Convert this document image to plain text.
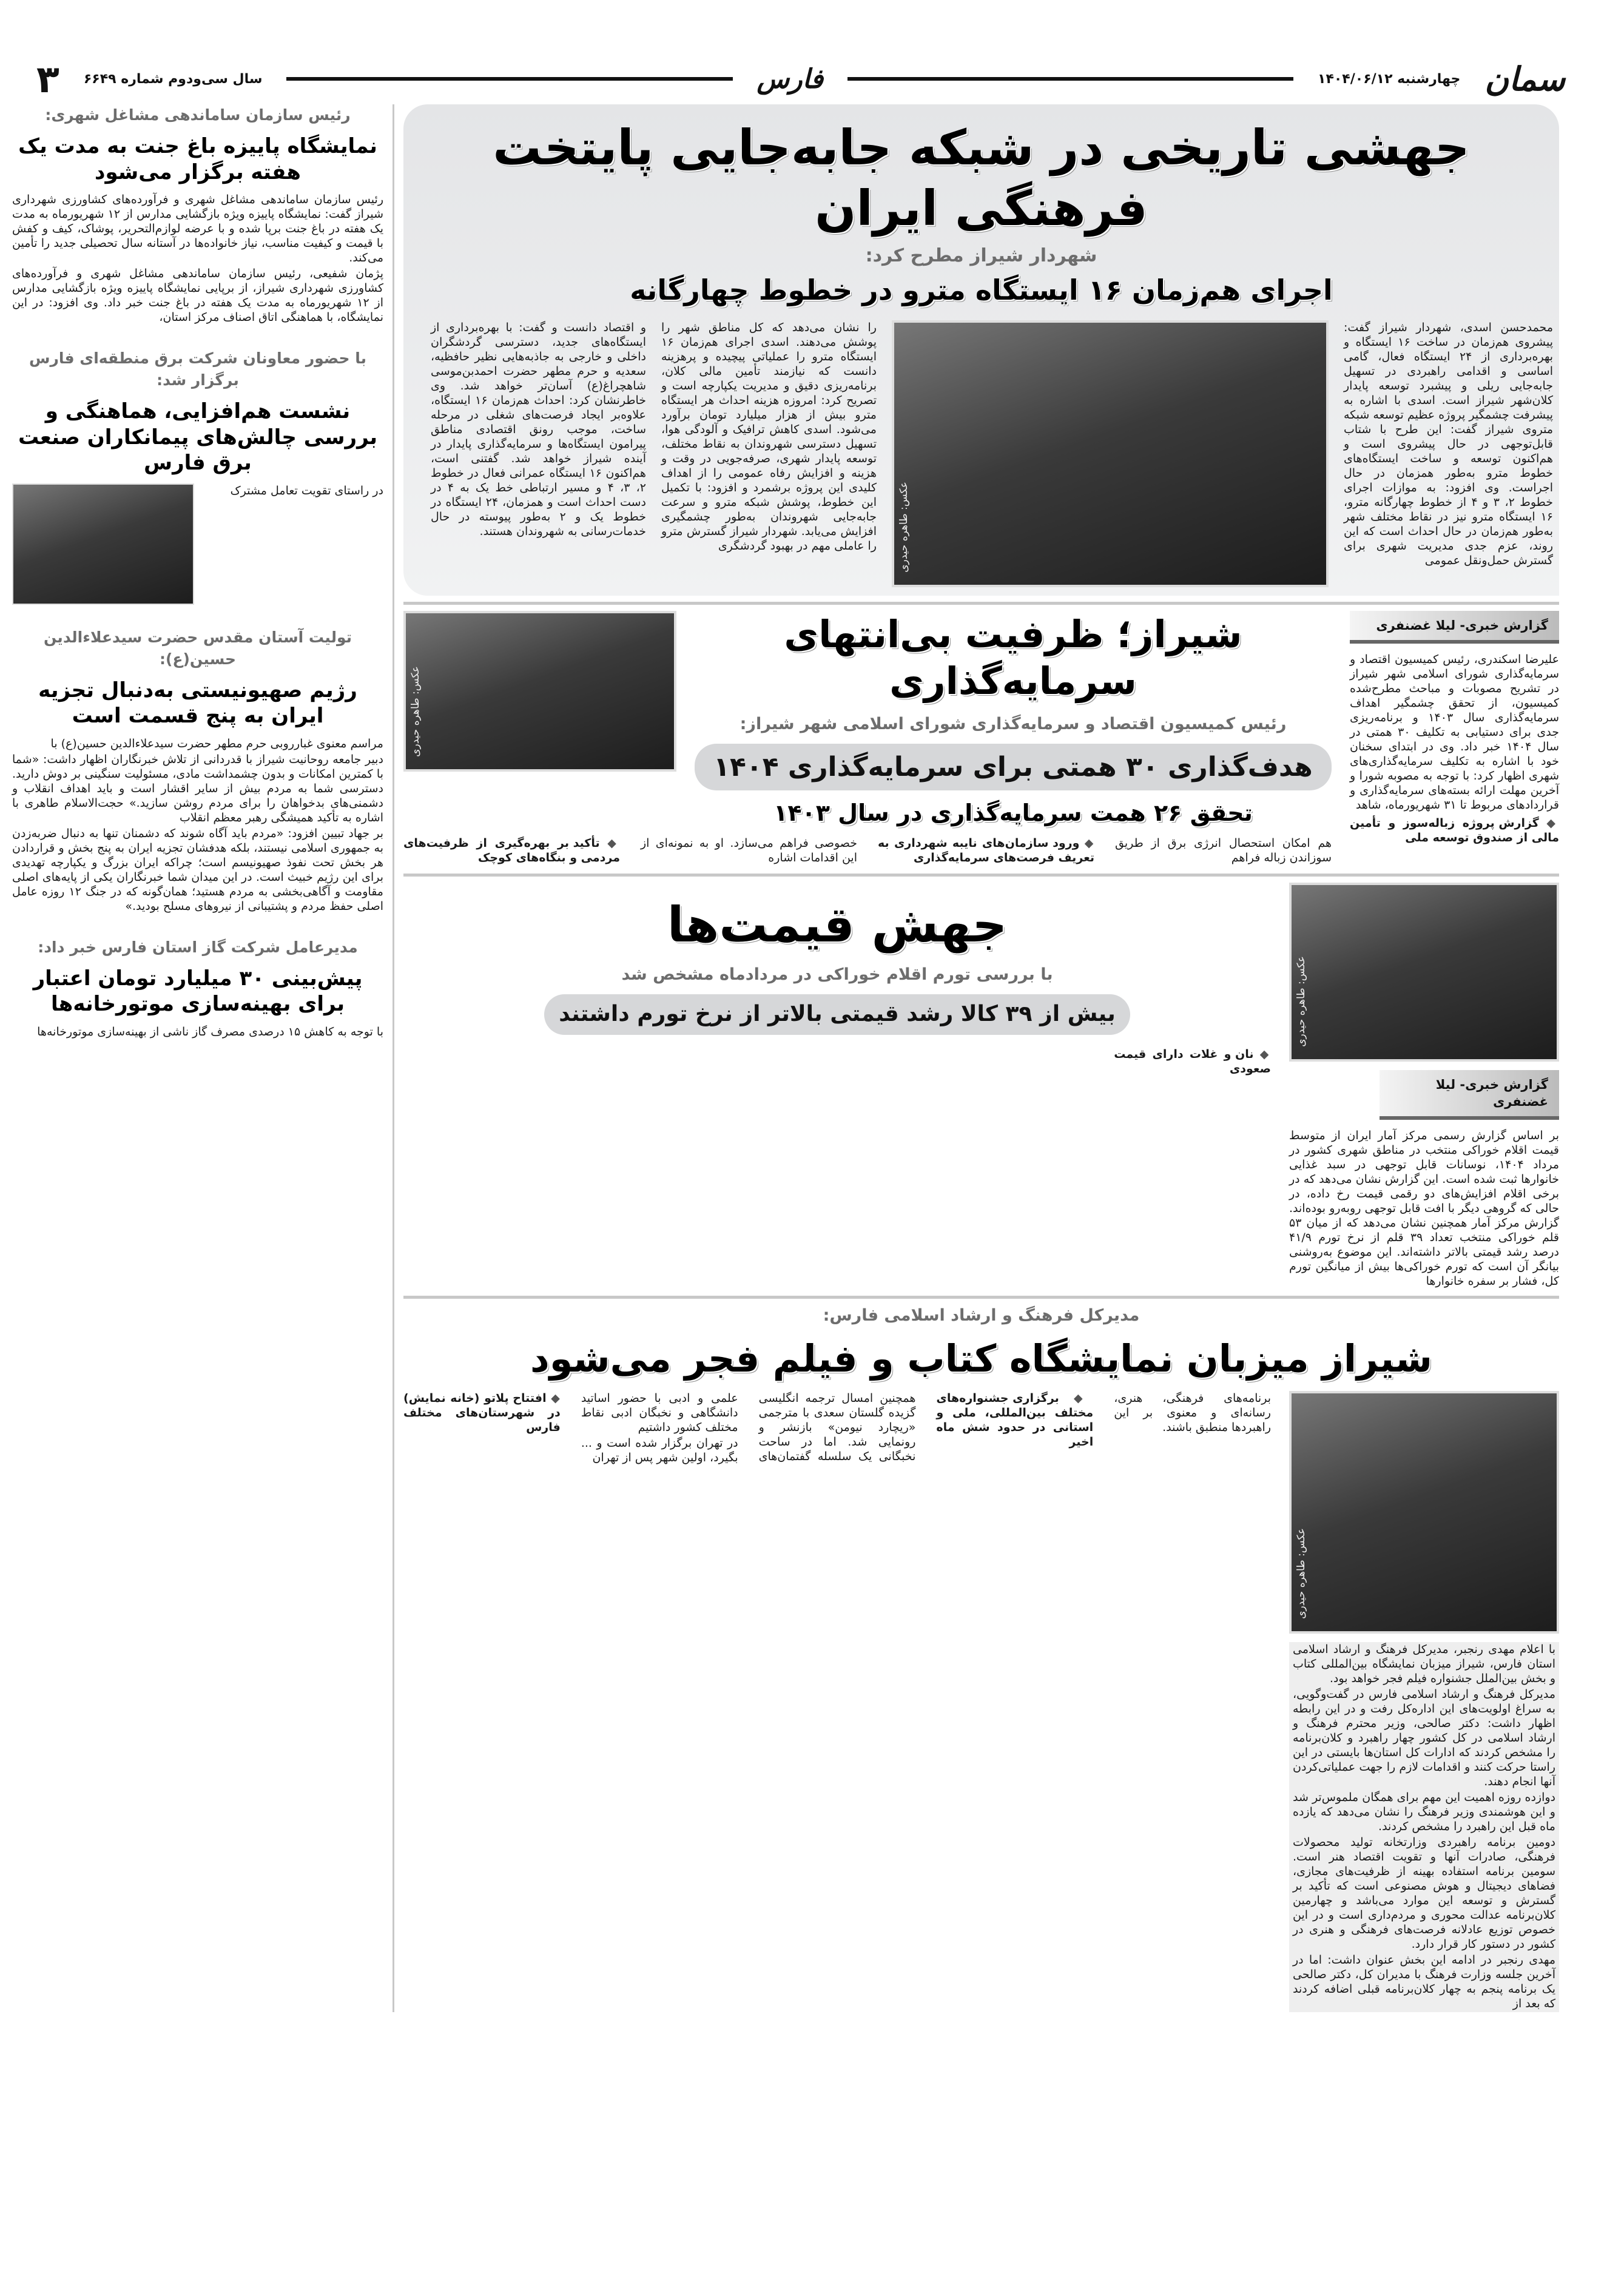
سمان
چهارشنبه ۱۴۰۴/۰۶/۱۲
فارس
سال سی‌ودوم شماره ۶۶۴۹
۳
جهشی تاریخی در شبکه جابه‌جایی پایتخت فرهنگی ایران
شهردار شیراز مطرح کرد:
اجرای هم‌زمان ۱۶ ایستگاه مترو در خطوط چهارگانه

محمدحسن اسدی، شهردار شیراز گفت: پیشروی هم‌زمان در ساخت ۱۶ ایستگاه و بهره‌برداری از ۲۴ ایستگاه فعال، گامی اساسی و اقدامی راهبردی در تسهیل جابه‌جایی ریلی و پیشبرد توسعه پایدار کلان‌شهر شیراز است. اسدی با اشاره به پیشرفت چشمگیر پروژه عظیم توسعه شبکه متروی شیراز گفت: این طرح با شتاب قابل‌توجهی در حال پیشروی است و هم‌اکنون توسعه و ساخت ایستگاه‌های خطوط مترو به‌طور همزمان در حال اجراست. وی افزود: به موازات اجرای خطوط ۲، ۳ و ۴ از خطوط چهارگانه مترو، ۱۶ ایستگاه مترو نیز در نقاط مختلف شهر به‌طور هم‌زمان در حال احداث است که این روند، عزم جدی مدیریت شهری برای گسترش حمل‌ونقل عمومی

عکس: طاهره حیدری

را نشان می‌دهد که کل مناطق شهر را پوشش می‌دهند. اسدی اجرای هم‌زمان ۱۶ ایستگاه مترو را عملیاتی پیچیده و پرهزینه دانست که نیازمند تأمین مالی کلان، برنامه‌ریزی دقیق و مدیریت یکپارچه است و تصریح کرد: امروزه هزینه احداث هر ایستگاه مترو بیش از هزار میلیارد تومان برآورد می‌شود. اسدی کاهش ترافیک و آلودگی هوا، تسهیل دسترسی شهروندان به نقاط مختلف، توسعه پایدار شهری، صرفه‌جویی در وقت و هزینه و افزایش رفاه عمومی را از اهداف کلیدی این پروژه برشمرد و افزود: با تکمیل این خطوط، پوشش شبکه مترو و سرعت جابه‌جایی شهروندان به‌طور چشمگیری افزایش می‌یابد. شهردار شیراز گسترش مترو را عاملی مهم در بهبود گردشگری

و اقتصاد دانست و گفت: با بهره‌برداری از ایستگاه‌های جدید، دسترسی گردشگران داخلی و خارجی به جاذبه‌هایی نظیر حافظیه، سعدیه و حرم مطهر حضرت احمدبن‌موسی شاهچراغ(ع) آسان‌تر خواهد شد. وی خاطرنشان کرد: احداث هم‌زمان ۱۶ ایستگاه، علاوه‌بر ایجاد فرصت‌های شغلی در مرحله ساخت، موجب رونق اقتصادی مناطق پیرامون ایستگاه‌ها و سرمایه‌گذاری پایدار در آینده شیراز خواهد شد. گفتنی است، هم‌اکنون ۱۶ ایستگاه عمرانی فعال در خطوط ۲، ۳، ۴ و مسیر ارتباطی خط یک به ۴ در دست احداث است و همزمان، ۲۴ ایستگاه در خطوط یک و ۲ به‌طور پیوسته در حال خدمات‌رسانی به شهروندان هستند.

گزارش خبری- لیلا غضنفری

علیرضا اسکندری، رئیس کمیسیون اقتصاد و سرمایه‌گذاری شورای اسلامی شهر شیراز در تشریح مصوبات و مباحث مطرح‌شده کمیسیون، از تحقق چشمگیر اهداف سرمایه‌گذاری سال ۱۴۰۳ و برنامه‌ریزی جدی برای دستیابی به تکلیف ۳۰ همتی در سال ۱۴۰۴ خبر داد. وی در ابتدای سخنان خود با اشاره به تکلیف سرمایه‌گذاری‌های شهری اظهار کرد: با توجه به مصوبه شورا و آخرین مهلت ارائه بسته‌های سرمایه‌گذاری و قراردادهای مربوط تا ۳۱ شهریورماه، شاهد

◆ گزارش پروژه زباله‌سوز و تأمین مالی از صندوق توسعه ملی

شیراز؛ ظرفیت بی‌انتهای سرمایه‌گذاری
رئیس کمیسیون اقتصاد و سرمایه‌گذاری شورای اسلامی شهر شیراز:
هدف‌گذاری ۳۰ همتی برای سرمایه‌گذاری ۱۴۰۴
تحقق ۲۶ همت سرمایه‌گذاری در سال ۱۴۰۳
عکس: طاهره حیدری

هم امکان استحصال انرژی برق از طریق سوزاندن زباله فراهم

◆ ورود سازمان‌های نایبه شهرداری به تعریف فرصت‌های سرمایه‌گذاری

خصوصی فراهم می‌سازد. او به نمونه‌ای از این اقدامات اشاره

◆ تأکید بر بهره‌گیری از ظرفیت‌های مردمی و بنگاه‌های کوچک

عکس: طاهره حیدری
گزارش خبری- لیلا غضنفری

بر اساس گزارش رسمی مرکز آمار ایران از متوسط قیمت اقلام خوراکی منتخب در مناطق شهری کشور در مرداد ۱۴۰۴، نوسانات قابل توجهی در سبد غذایی خانوارها ثبت شده است. این گزارش نشان می‌دهد که در برخی اقلام افزایش‌های دو رقمی قیمت رخ داده، در حالی که گروهی دیگر با افت قابل توجهی روبه‌رو بوده‌اند. گزارش مرکز آمار همچنین نشان می‌دهد که از میان ۵۳ قلم خوراکی منتخب تعداد ۳۹ قلم از نرخ تورم ۴۱/۹ درصد رشد قیمتی بالاتر داشته‌اند. این موضوع به‌روشنی بیانگر آن است که تورم خوراکی‌ها بیش از میانگین تورم کل، فشار بر سفره خانوارها

جهش قیمت‌ها
با بررسی تورم اقلام خوراکی در مردادماه مشخص شد
بیش از ۳۹ کالا رشد قیمتی بالاتر از نرخ تورم داشتند

◆ نان و غلات دارای قیمت صعودی

مدیرکل فرهنگ و ارشاد اسلامی فارس:
شیراز میزبان نمایشگاه کتاب و فیلم فجر می‌شود
عکس: طاهره حیدری

با اعلام مهدی رنجبر، مدیرکل فرهنگ و ارشاد اسلامی استان فارس، شیراز میزبان نمایشگاه بین‌المللی کتاب و بخش بین‌الملل جشنواره فیلم فجر خواهد بود.

مدیرکل فرهنگ و ارشاد اسلامی فارس در گفت‌وگویی، به سراغ اولویت‌های این اداره‌کل رفت و در این رابطه اظهار داشت: دکتر صالحی، وزیر محترم فرهنگ و ارشاد اسلامی در کل کشور چهار راهبرد و کلان‌برنامه را مشخص کردند که ادارات کل استان‌ها بایستی در این راستا حرکت کنند و اقدامات لازم را جهت عملیاتی‌کردن آنها انجام دهند.

دوازده روزه اهمیت این مهم برای همگان ملموس‌تر شد و این هوشمندی وزیر فرهنگ را نشان می‌دهد که یازده ماه قبل این راهبرد را مشخص کردند.

دومین برنامه راهبردی وزارتخانه تولید محصولات فرهنگی، صادرات آنها و تقویت اقتصاد هنر است. سومین برنامه استفاده بهینه از ظرفیت‌های مجازی، فضاهای دیجیتال و هوش مصنوعی است که تأکید بر گسترش و توسعه این موارد می‌باشد و چهارمین کلان‌برنامه عدالت محوری و مردم‌داری است و در این خصوص توزیع عادلانه فرصت‌های فرهنگی و هنری در کشور در دستور کار قرار دارد.

مهدی رنجبر در ادامه این بخش عنوان داشت: اما در آخرین جلسه وزارت فرهنگ با مدیران کل، دکتر صالحی یک برنامه پنجم به چهار کلان‌برنامه قبلی اضافه کردند که بعد از

برنامه‌های فرهنگی، هنری، رسانه‌ای و معنوی بر این راهبردها منطبق باشند.

◆ برگزاری جشنواره‌های مختلف بین‌المللی، ملی و استانی در حدود شش ماه اخیر

همچنین امسال ترجمه انگلیسی گزیده گلستان سعدی با مترجمی «ریچارد نیومن» بازنشر و رونمایی شد. اما در ساحت نخبگانی یک سلسله گفتمان‌های علمی و ادبی با حضور اساتید دانشگاهی و نخبگان ادبی نقاط مختلف کشور داشتیم

در تهران برگزار شده است و ... بگیرد، اولین شهر پس از تهران

◆ افتتاح پلاتو (خانه نمایش) در شهرستان‌های مختلف فارس

رئیس سازمان ساماندهی مشاغل شهری:
نمایشگاه پاییزه باغ جنت به مدت یک هفته برگزار می‌شود

رئیس سازمان ساماندهی مشاغل شهری و فرآورده‌های کشاورزی شهرداری شیراز گفت: نمایشگاه پاییزه ویژه بازگشایی مدارس از ۱۲ شهریورماه به مدت یک هفته در باغ جنت برپا شده و با عرضه لوازم‌التحریر، پوشاک، کیف و کفش با قیمت و کیفیت مناسب، نیاز خانواده‌ها در آستانه سال تحصیلی جدید را تأمین می‌کند.

پژمان شفیعی، رئیس سازمان ساماندهی مشاغل شهری و فرآورده‌های کشاورزی شهرداری شیراز، از برپایی نمایشگاه پاییزه ویژه بازگشایی مدارس از ۱۲ شهریورماه به مدت یک هفته در باغ جنت خبر داد. وی افزود: در این نمایشگاه، با هماهنگی اتاق اصناف مرکز استان،

با حضور معاونان شرکت برق منطقه‌ای فارس برگزار شد:
نشست هم‌افزایی، هماهنگی و بررسی چالش‌های پیمانکاران صنعت برق فارس

در راستای تقویت تعامل مشترک

تولیت آستان مقدس حضرت سیدعلاءالدین حسین(ع):
رژیم صهیونیستی به‌دنبال تجزیه ایران به پنج قسمت است

مراسم معنوی غبارروبی حرم مطهر حضرت سیدعلاءالدین حسین(ع) با

دبیر جامعه روحانیت شیراز با قدردانی از تلاش خبرنگاران اظهار داشت: «شما با کمترین امکانات و بدون چشمداشت مادی، مسئولیت سنگینی بر دوش دارید. دسترسی شما به مردم بیش از سایر اقشار است و باید اهداف انقلاب و دشمنی‌های بدخواهان را برای مردم روشن سازید.» حجت‌الاسلام طاهری با اشاره به تأکید همیشگی رهبر معظم انقلاب

بر جهاد تبیین افزود: «مردم باید آگاه شوند که دشمنان تنها به دنبال ضربه‌زدن به جمهوری اسلامی نیستند، بلکه هدفشان تجزیه ایران به پنج بخش و قراردادن هر بخش تحت نفوذ صهیونیسم است؛ چراکه ایران بزرگ و یکپارچه تهدیدی برای این رژیم خبیث است. در این میدان شما خبرنگاران یکی از پایه‌های اصلی مقاومت و آگاهی‌بخشی به مردم هستید؛ همان‌گونه که در جنگ ۱۲ روزه عامل اصلی حفظ مردم و پشتیبانی از نیروهای مسلح بودید.»

مدیرعامل شرکت گاز استان فارس خبر داد:
پیش‌بینی ۳۰ میلیارد تومان اعتبار برای بهینه‌سازی موتورخانه‌ها

با توجه به کاهش ۱۵ درصدی مصرف گاز ناشی از بهینه‌سازی موتورخانه‌ها
